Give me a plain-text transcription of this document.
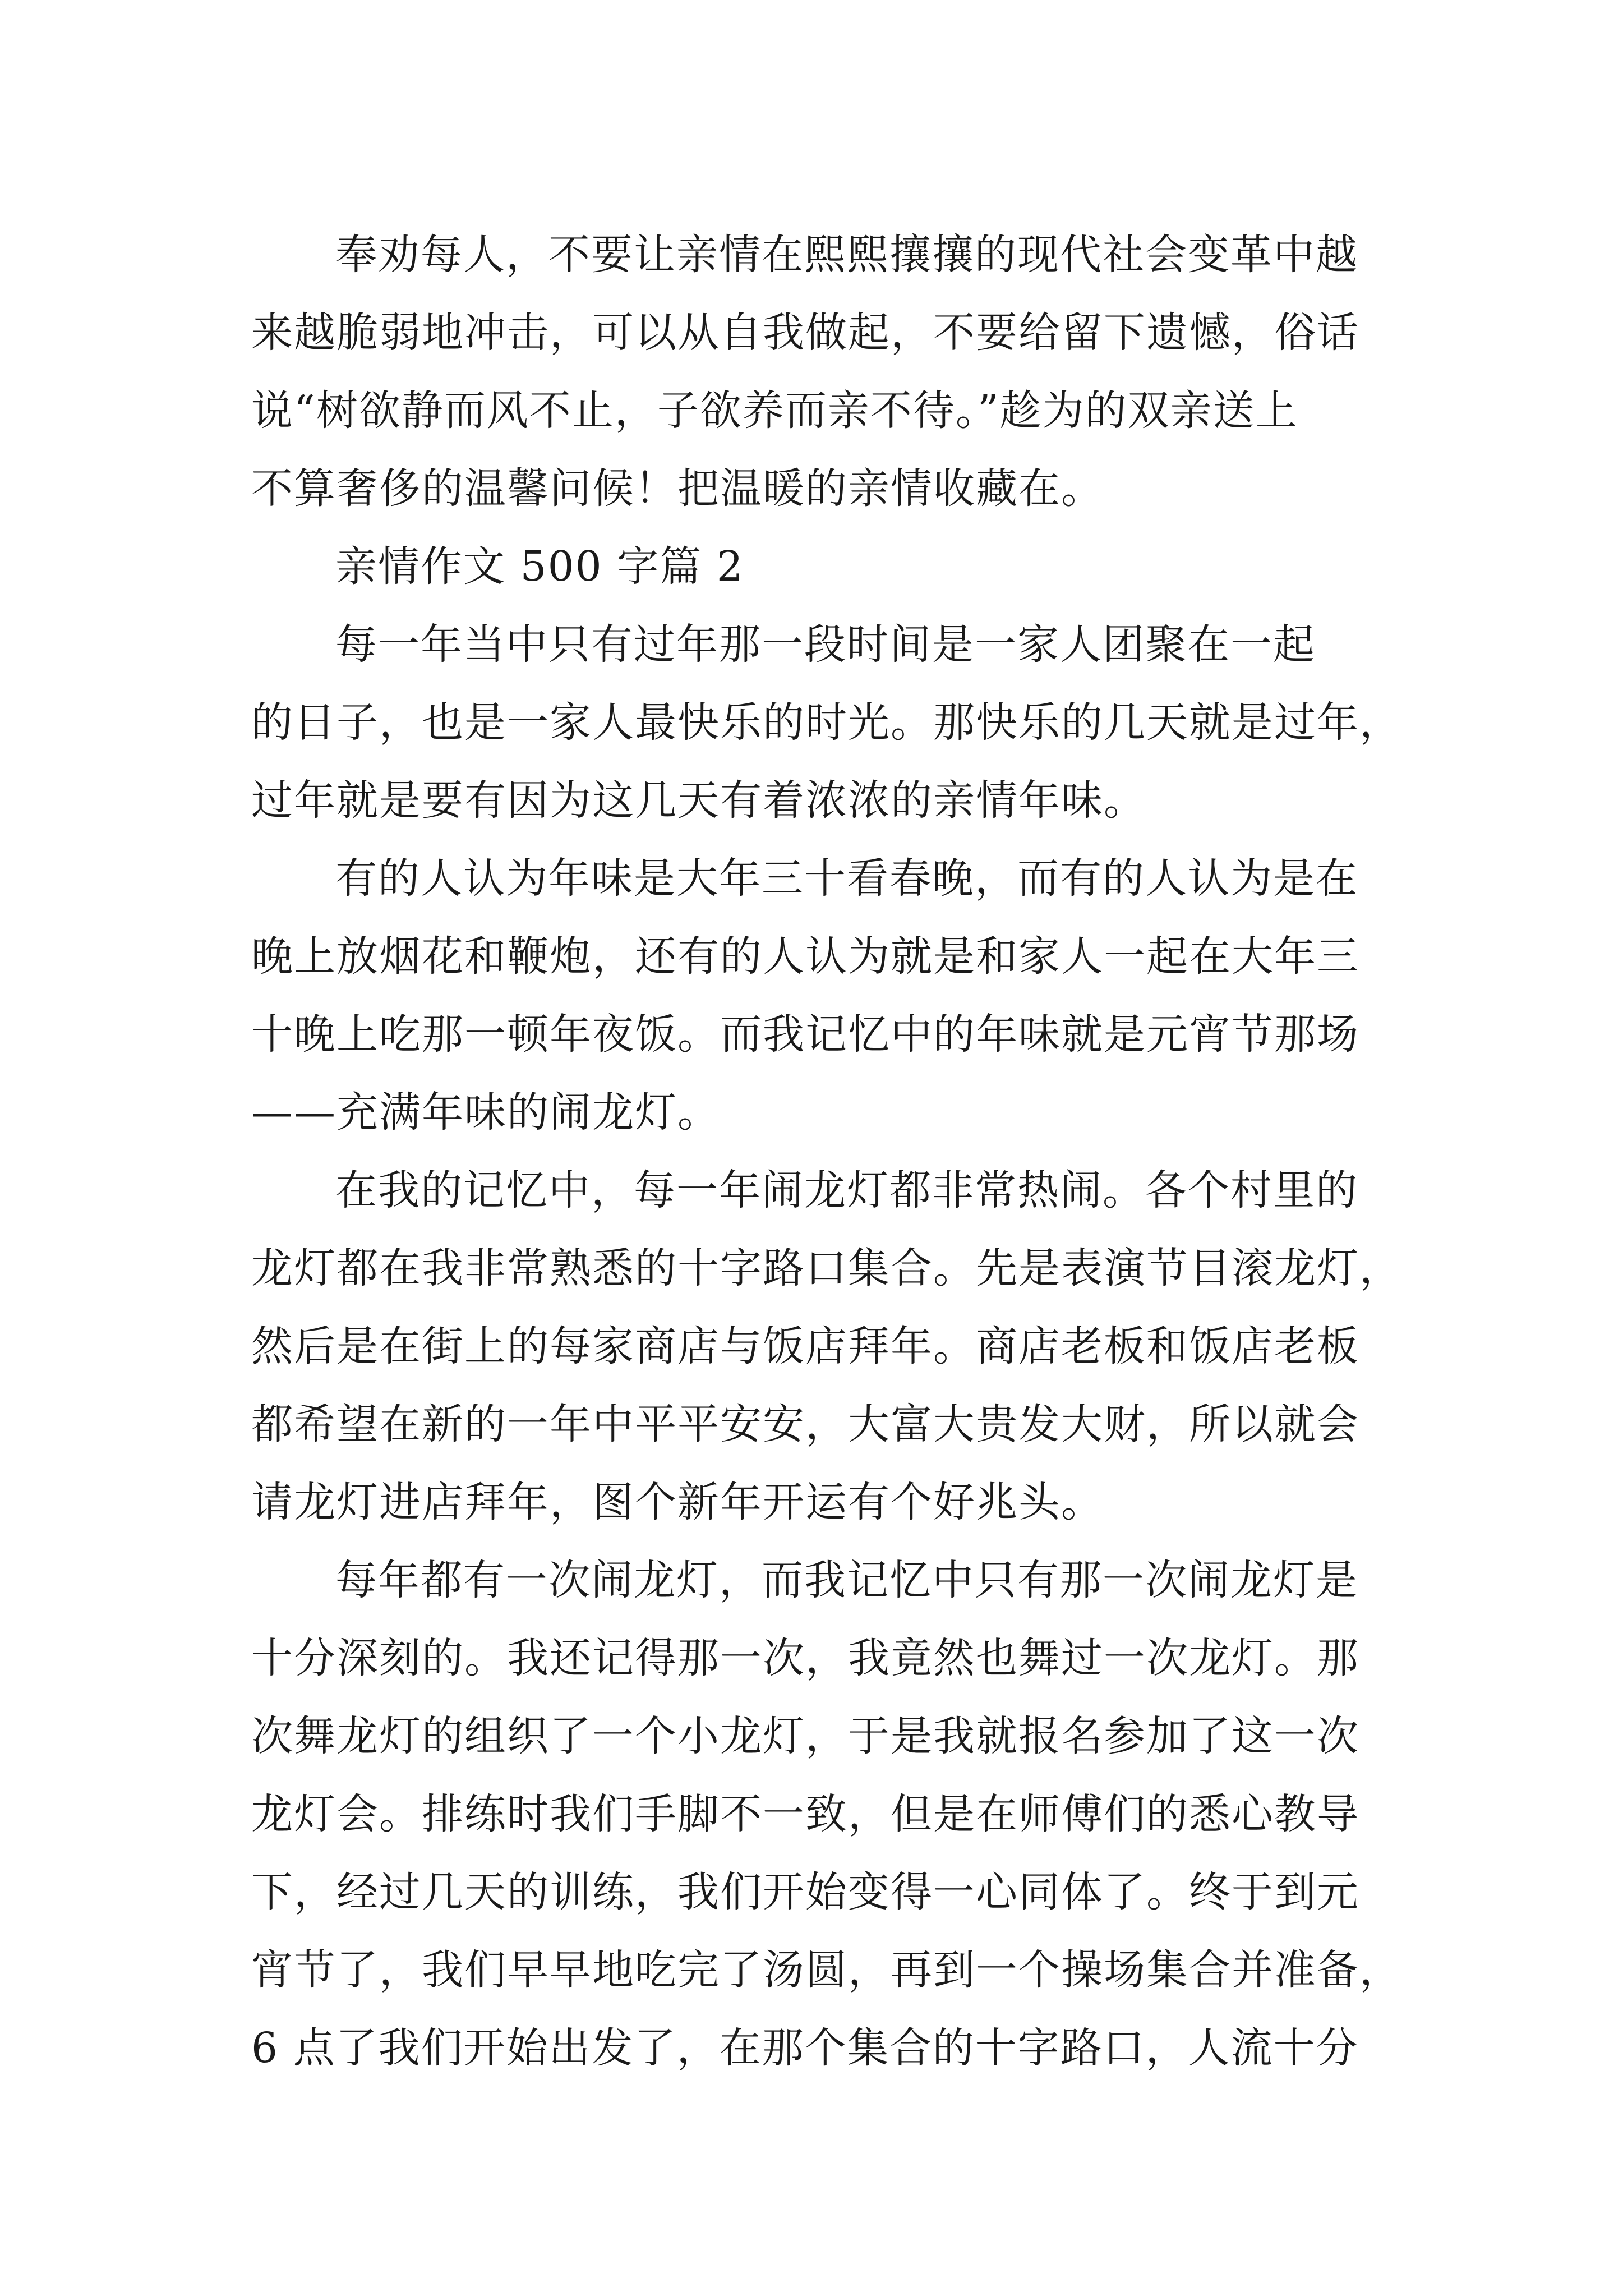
奉劝每人，不要让亲情在熙熙攘攘的现代社会变革中越
来越脆弱地冲击，可以从自我做起，不要给留下遗憾，俗话
说“树欲静而风不止，子欲养而亲不待。”趁为的双亲送上
不算奢侈的温馨问候！把温暖的亲情收藏在。
亲情作文 500 字篇 2
每一年当中只有过年那一段时间是一家人团聚在一起
的日子，也是一家人最快乐的时光。那快乐的几天就是过年，
过年就是要有因为这几天有着浓浓的亲情年味。
有的人认为年味是大年三十看春晚，而有的人认为是在
晚上放烟花和鞭炮，还有的人认为就是和家人一起在大年三
十晚上吃那一顿年夜饭。而我记忆中的年味就是元宵节那场
——充满年味的闹龙灯。
在我的记忆中，每一年闹龙灯都非常热闹。各个村里的
龙灯都在我非常熟悉的十字路口集合。先是表演节目滚龙灯，
然后是在街上的每家商店与饭店拜年。商店老板和饭店老板
都希望在新的一年中平平安安，大富大贵发大财，所以就会
请龙灯进店拜年，图个新年开运有个好兆头。
每年都有一次闹龙灯，而我记忆中只有那一次闹龙灯是
十分深刻的。我还记得那一次，我竟然也舞过一次龙灯。那
次舞龙灯的组织了一个小龙灯，于是我就报名参加了这一次
龙灯会。排练时我们手脚不一致，但是在师傅们的悉心教导
下，经过几天的训练，我们开始变得一心同体了。终于到元
宵节了，我们早早地吃完了汤圆，再到一个操场集合并准备，
6 点了我们开始出发了，在那个集合的十字路口，人流十分
